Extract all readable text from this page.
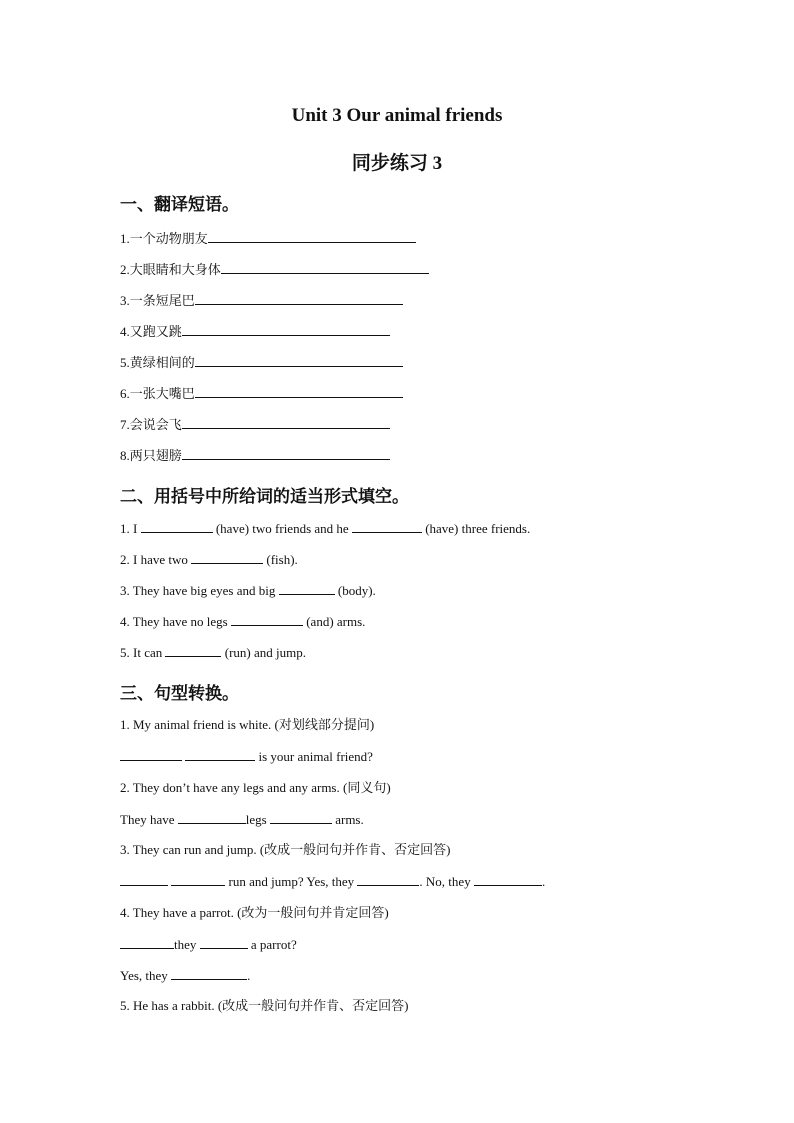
Unit 3 Our animal friends
同步练习 3
一、翻译短语。
1.一个动物朋友
2.大眼睛和大身体
3.一条短尾巴
4.又跑又跳
5.黄绿相间的
6.一张大嘴巴
7.会说会飞
8.两只翅膀
二、用括号中所给词的适当形式填空。
1. I	(have) two friends and he	(have) three friends.
2. I have two	(fish).
3. They have big eyes and big	(body).
4. They have no legs	(and) arms.
5. It can	(run) and jump.
三、句型转换。
1. My animal friend is white. (对划线部分提问)
is your animal friend?
2. They don’t have any legs and any arms. (同义句)
They have	legs	arms.
3. They can run and jump. (改成一般问句并作肯、否定回答)
run and jump? Yes, they	. No, they	.
4. They have a parrot. (改为一般问句并肯定回答)
they	a parrot?
Yes, they	.
5. He has a rabbit. (改成一般问句并作肯、否定回答)
